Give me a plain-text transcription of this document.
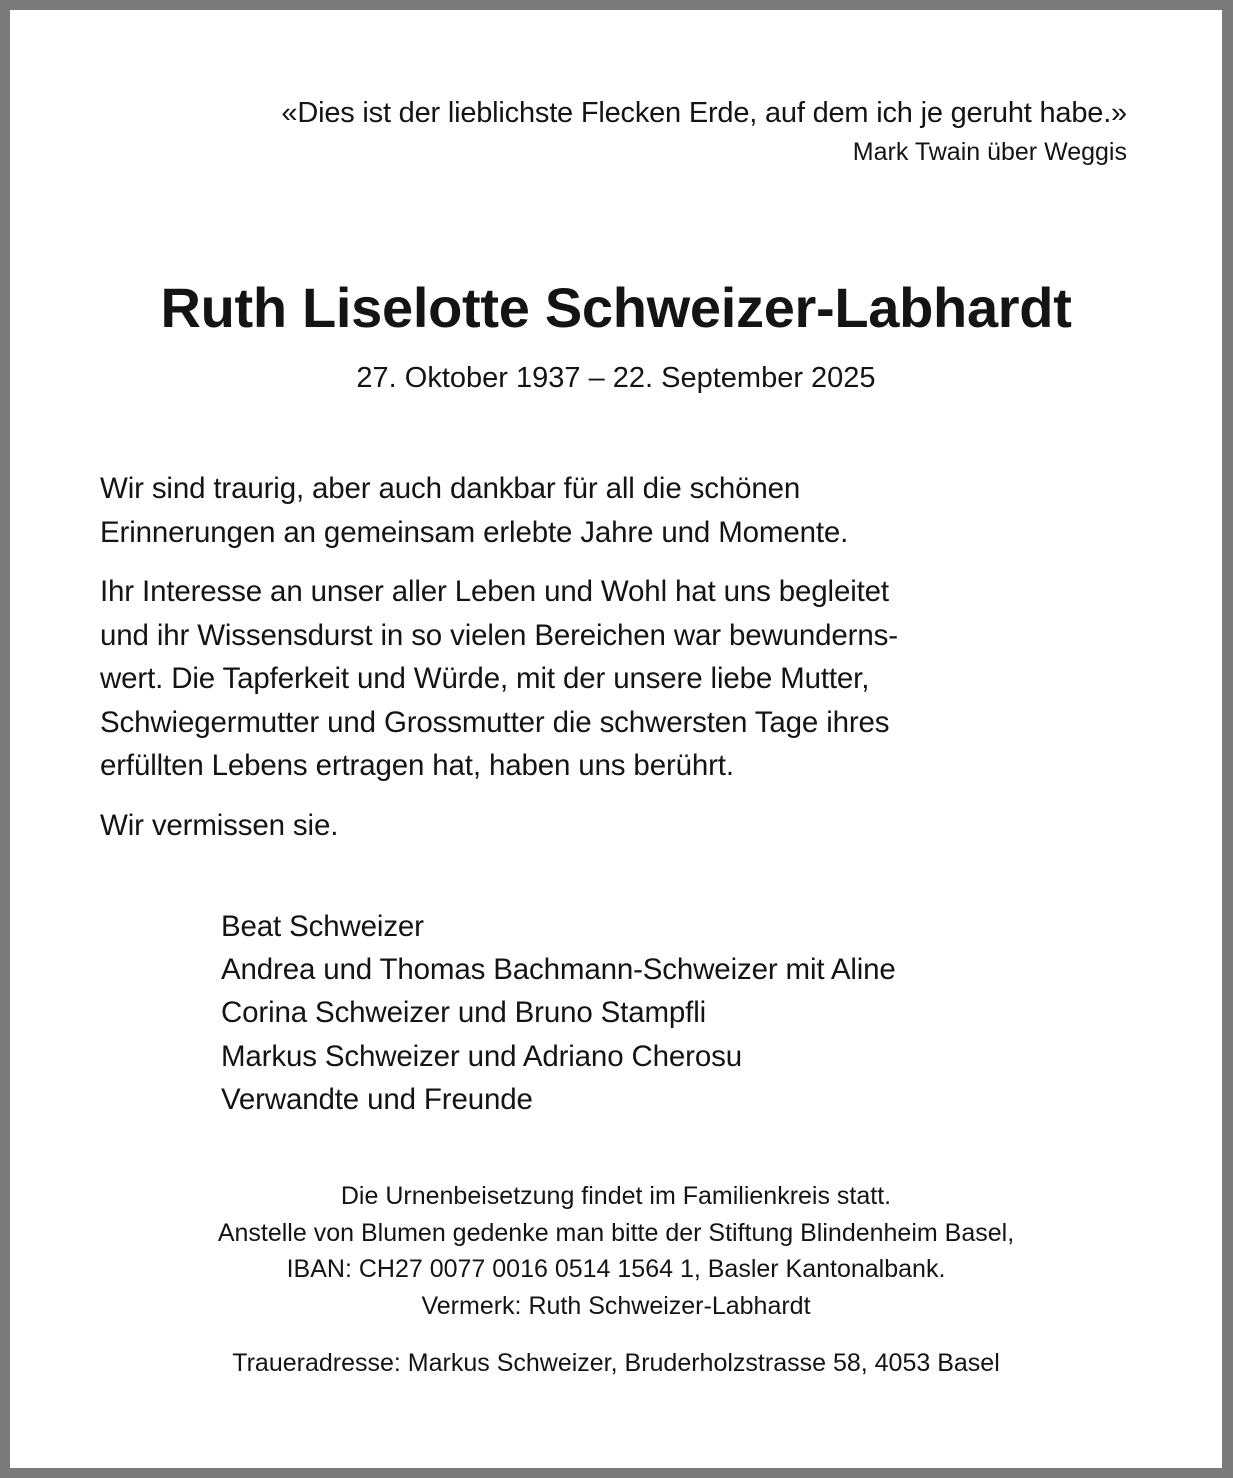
«Dies ist der lieblichste Flecken Erde, auf dem ich je geruht habe.»
Mark Twain über Weggis
Ruth Liselotte Schweizer-Labhardt
27. Oktober 1937 – 22. September 2025

Wir sind traurig, aber auch dankbar für all die schönen
Erinnerungen an gemeinsam erlebte Jahre und Momente.

Ihr Interesse an unser aller Leben und Wohl hat uns begleitet
und ihr Wissensdurst in so vielen Bereichen war bewunderns-
wert. Die Tapferkeit und Würde, mit der unsere liebe Mutter,
Schwiegermutter und Grossmutter die schwersten Tage ihres
erfüllten Lebens ertragen hat, haben uns berührt.

Wir vermissen sie.

Beat Schweizer
Andrea und Thomas Bachmann-Schweizer mit Aline
Corina Schweizer und Bruno Stampfli
Markus Schweizer und Adriano Cherosu
Verwandte und Freunde
Die Urnenbeisetzung findet im Familienkreis statt.
Anstelle von Blumen gedenke man bitte der Stiftung Blindenheim Basel,
IBAN: CH27 0077 0016 0514 1564 1, Basler Kantonalbank.
Vermerk: Ruth Schweizer-Labhardt
Traueradresse: Markus Schweizer, Bruderholzstrasse 58, 4053 Basel
